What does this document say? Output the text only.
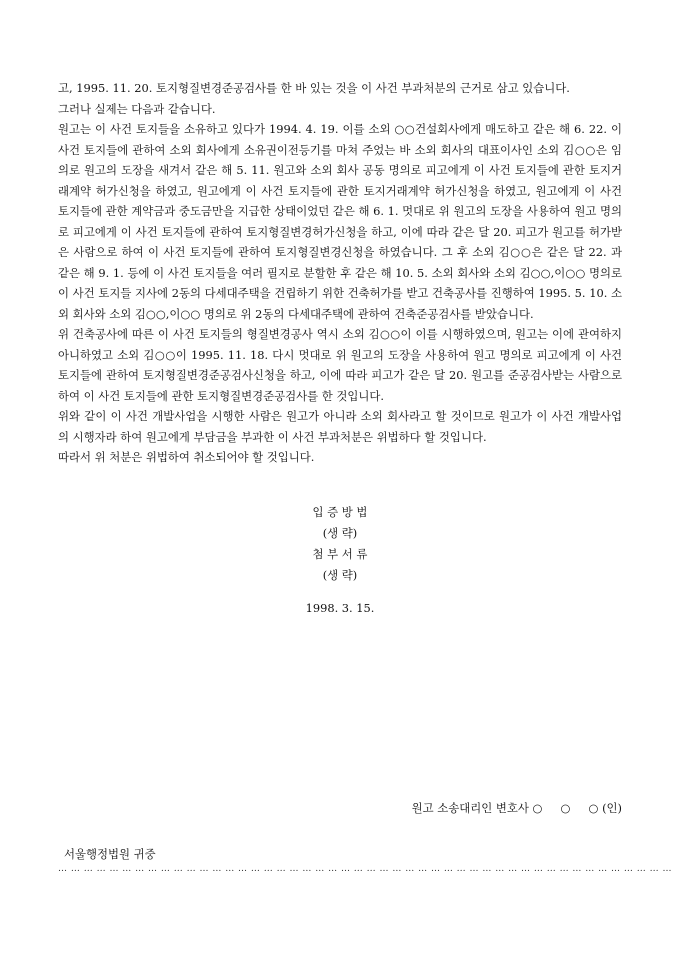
고, 1995. 11. 20. 토지형질변경준공검사를 한 바 있는 것을 이 사건 부과처분의 근거로 삼고 있습니다.

그러나 실제는 다음과 같습니다.

원고는 이 사건 토지들을 소유하고 있다가 1994. 4. 19. 이를 소외 ○○건설회사에게 매도하고 같은 해 6. 22. 이 사건 토지들에 관하여 소외 회사에게 소유권이전등기를 마쳐 주었는 바 소외 회사의 대표이사인 소외 김○○은 임의로 원고의 도장을 새겨서 같은 해 5. 11. 원고와 소외 회사 공동 명의로 피고에게 이 사건 토지들에 관한 토지거래계약 허가신청을 하였고, 원고에게 이 사건 토지들에 관한 토지거래계약 허가신청을 하였고, 원고에게 이 사건 토지들에 관한 계약금과 중도금만을 지급한 상태이었던 같은 해 6. 1. 멋대로 위 원고의 도장을 사용하여 원고 명의로 피고에게 이 사건 토지들에 관하여 토지형질변경허가신청을 하고, 이에 따라 같은 달 20. 피고가 원고를 허가받은 사람으로 하여 이 사건 토지들에 관하여 토지형질변경신청을 하였습니다. 그 후 소외 김○○은 같은 달 22. 과 같은 해 9. 1. 등에 이 사건 토지들을 여러 필지로 분할한 후 같은 해 10. 5. 소외 회사와 소외 김○○,이○○ 명의로 이 사건 토지들 지사에 2동의 다세대주택을 건립하기 위한 건축허가를 받고 건축공사를 진행하여 1995. 5. 10. 소외 회사와 소외 김○○,이○○ 명의로 위 2동의 다세대주택에 관하여 건축준공검사를 받았습니다.

위 건축공사에 따른 이 사건 토지들의 형질변경공사 역시 소외 김○○이 이를 시행하였으며, 원고는 이에 관여하지 아니하였고 소외 김○○이 1995. 11. 18. 다시 멋대로 위 원고의 도장을 사용하여 원고 명의로 피고에게 이 사건 토지들에 관하여 토지형질변경준공검사신청을 하고, 이에 따라 피고가 같은 달 20. 원고를 준공검사받는 사람으로 하여 이 사건 토지들에 관한 토지형질변경준공검사를 한 것입니다.

위와 같이 이 사건 개발사업을 시행한 사람은 원고가 아니라 소외 회사라고 할 것이므로 원고가 이 사건 개발사업의 시행자라 하여 원고에게 부담금을 부과한 이 사건 부과처분은 위법하다 할 것입니다.

따라서 위 처분은 위법하여 취소되어야 할 것입니다.

입 증 방 법
(생 략)
첨 부 서 류
(생 략)
1998. 3. 15.
원고 소송대리인 변호사 ○     ○     ○ (인)
서울행정법원 귀중
… … … … … … … … … … … … … … … … … … … … … … … … … … … … … … … … … … … … … … … … … … … … … … … …
